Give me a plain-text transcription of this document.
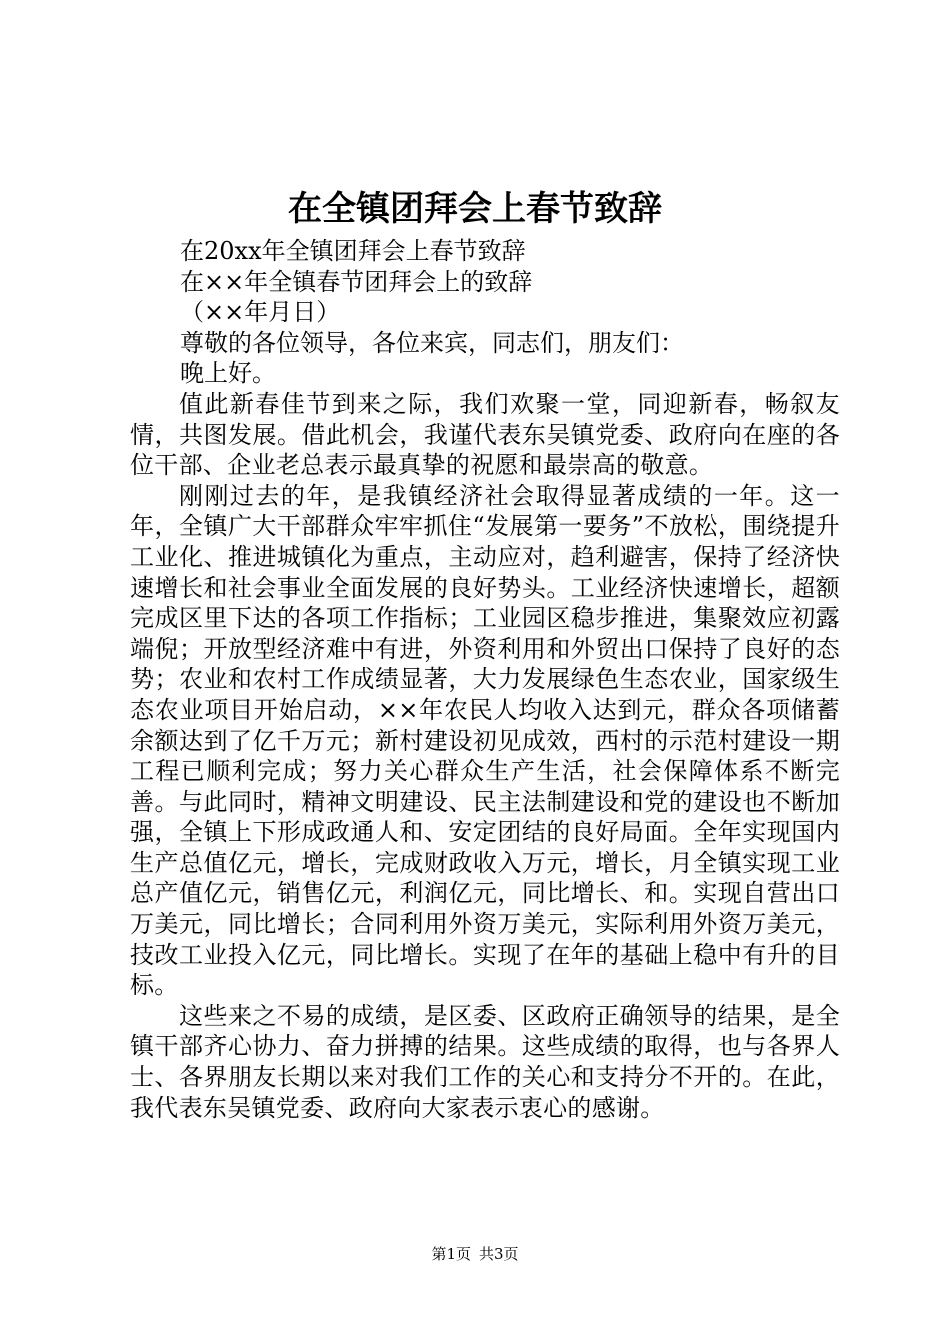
在全镇团拜会上春节致辞
在20xx年全镇团拜会上春节致辞
在××年全镇春节团拜会上的致辞
（××年月日）
尊敬的各位领导，各位来宾，同志们，朋友们：
晚上好。

值此新春佳节到来之际，我们欢聚一堂，同迎新春，畅叙友情，共图发展。借此机会，我谨代表东吴镇党委、政府向在座的各位干部、企业老总表示最真挚的祝愿和最崇高的敬意。

刚刚过去的年，是我镇经济社会取得显著成绩的一年。这一年，全镇广大干部群众牢牢抓住“发展第一要务”不放松，围绕提升工业化、推进城镇化为重点，主动应对，趋利避害，保持了经济快速增长和社会事业全面发展的良好势头。工业经济快速增长，超额完成区里下达的各项工作指标；工业园区稳步推进，集聚效应初露端倪；开放型经济难中有进，外资利用和外贸出口保持了良好的态势；农业和农村工作成绩显著，大力发展绿色生态农业，国家级生态农业项目开始启动，××年农民人均收入达到元，群众各项储蓄余额达到了亿千万元；新村建设初见成效，西村的示范村建设一期工程已顺利完成；努力关心群众生产生活，社会保障体系不断完善。与此同时，精神文明建设、民主法制建设和党的建设也不断加强，全镇上下形成政通人和、安定团结的良好局面。全年实现国内生产总值亿元，增长，完成财政收入万元，增长，月全镇实现工业总产值亿元，销售亿元，利润亿元，同比增长、和。实现自营出口万美元，同比增长；合同利用外资万美元，实际利用外资万美元，技改工业投入亿元，同比增长。实现了在年的基础上稳中有升的目标。

这些来之不易的成绩，是区委、区政府正确领导的结果，是全镇干部齐心协力、奋力拼搏的结果。这些成绩的取得，也与各界人士、各界朋友长期以来对我们工作的关心和支持分不开的。在此，我代表东吴镇党委、政府向大家表示衷心的感谢。

第1页 共3页
